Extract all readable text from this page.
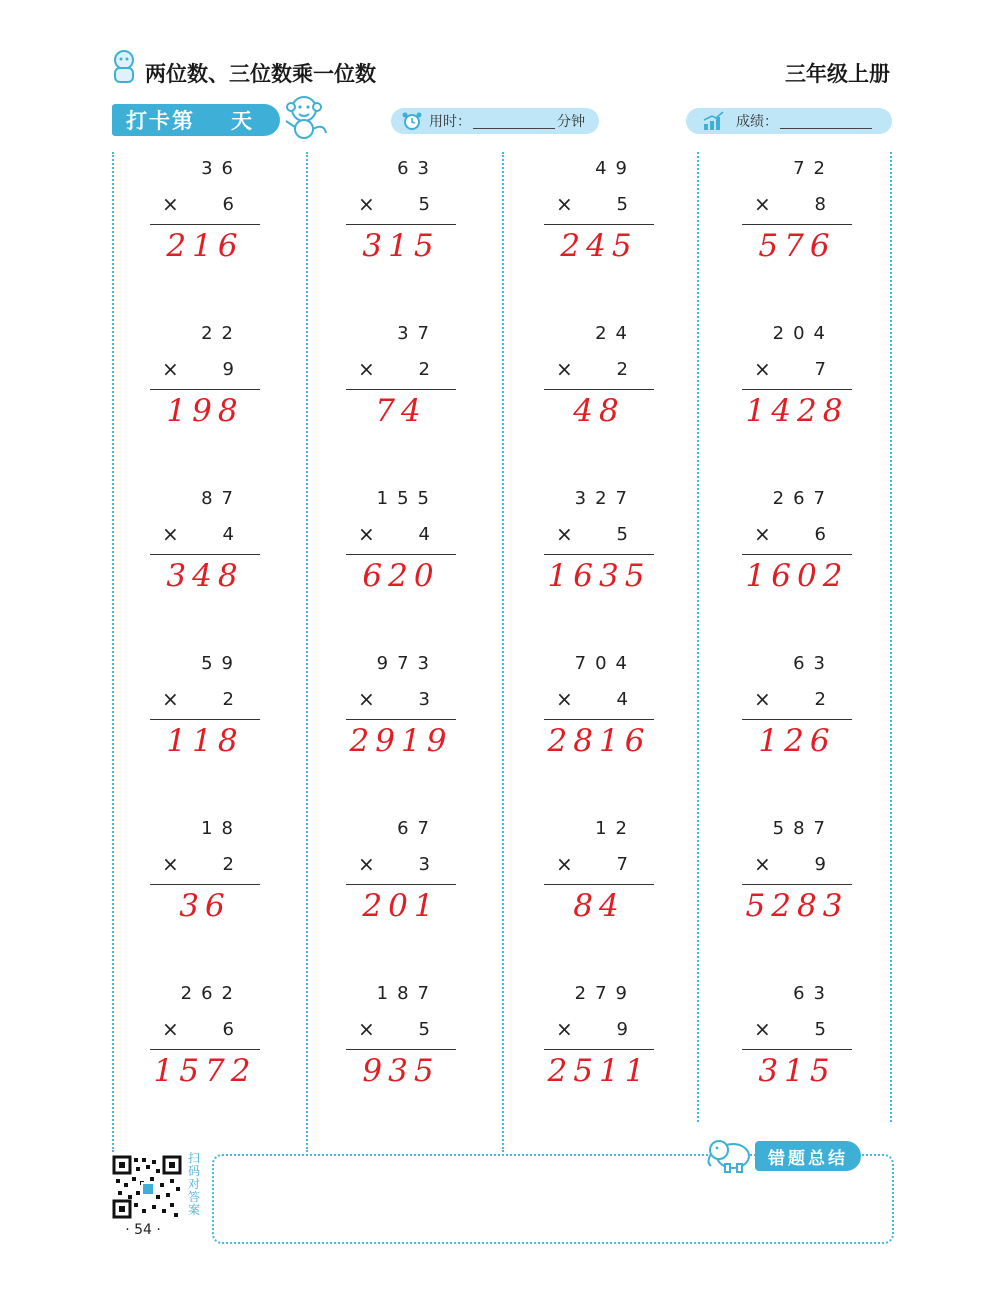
两位数、三位数乘一位数	三年级上册
打卡第 天	用时：	分钟	成绩：
36
× 6
216
63
× 5
315
49
× 5
245
72
× 8
576
22
× 9
198
37
× 2
74
24
× 2
48
204
× 7
1428
87
× 4
348
155
× 4
620
327
× 5
1635
267
× 6
1602
59
× 2
118
973
× 3
2919
704
× 4
2816
63
× 2
126
18
× 2
36
67
× 3
201
12
× 7
84
587
× 9
5283
262
× 6
1572
187
× 5
935
279
× 9
2511
63
× 5
315
扫码对答案
· 54 ·
错题总结
